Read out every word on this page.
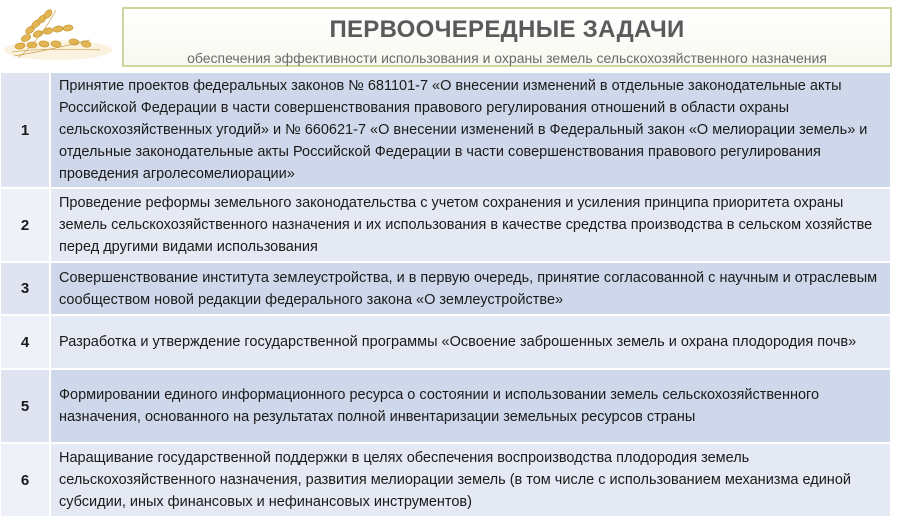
ПЕРВООЧЕРЕДНЫЕ ЗАДАЧИ
обеспечения эффективности использования и охраны земель сельскохозяйственного назначения
1
Принятие проектов федеральных законов № 681101-7 «О внесении изменений в отдельные законодательные акты Российской Федерации в части совершенствования правового регулирования отношений в области охраны сельскохозяйственных угодий» и № 660621-7 «О внесении изменений в Федеральный закон «О мелиорации земель» и отдельные законодательные акты Российской Федерации в части совершенствования правового регулирования проведения агролесомелиорации»
2
Проведение реформы земельного законодательства с учетом сохранения и усиления принципа приоритета охраны земель сельскохозяйственного назначения и их использования в качестве средства производства в сельском хозяйстве перед другими видами использования
3
Совершенствование института землеустройства, и в первую очередь, принятие согласованной с научным и отраслевым сообществом новой редакции федерального закона «О землеустройстве»
4	Разработка и утверждение государственной программы «Освоение заброшенных земель и охрана плодородия почв»
5
Формировании единого информационного ресурса о состоянии и использовании земель сельскохозяйственного назначения, основанного на результатах полной инвентаризации земельных ресурсов страны
6
Наращивание государственной поддержки в целях обеспечения воспроизводства плодородия земель сельскохозяйственного назначения, развития мелиорации земель (в том числе с использованием механизма единой субсидии, иных финансовых и нефинансовых инструментов)
